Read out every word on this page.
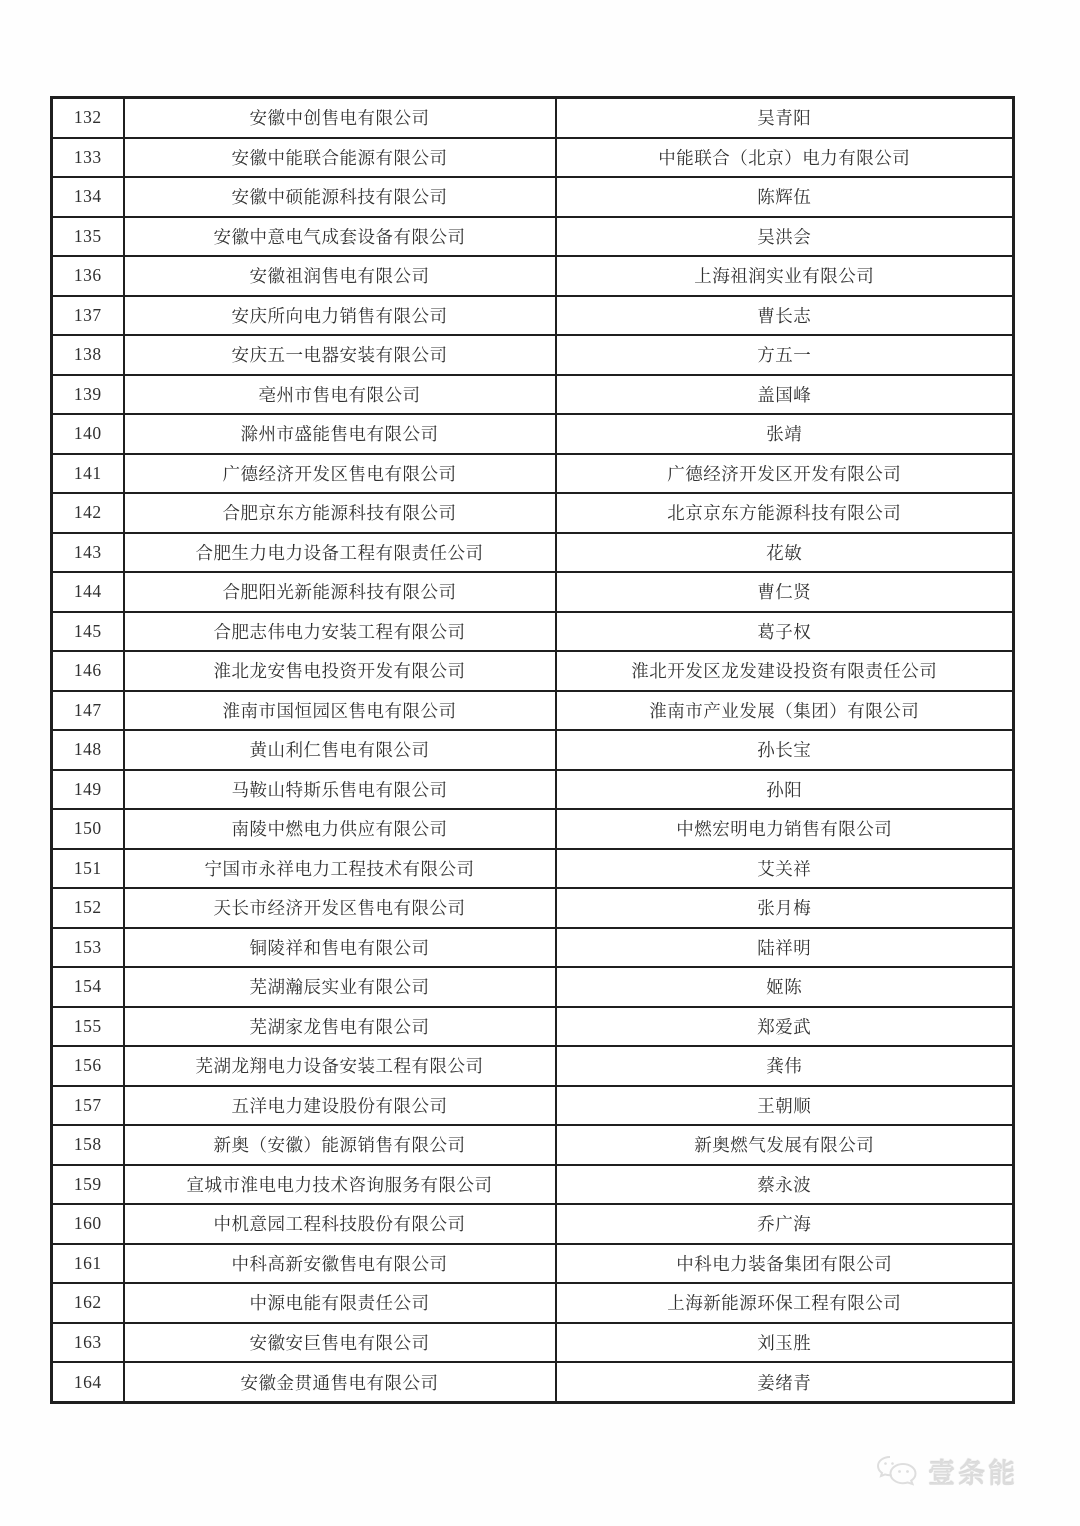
132	安徽中创售电有限公司	吴青阳
133	安徽中能联合能源有限公司	中能联合（北京）电力有限公司
134	安徽中硕能源科技有限公司	陈辉伍
135	安徽中意电气成套设备有限公司	吴洪会
136	安徽祖润售电有限公司	上海祖润实业有限公司
137	安庆所向电力销售有限公司	曹长志
138	安庆五一电器安装有限公司	方五一
139	亳州市售电有限公司	盖国峰
140	滁州市盛能售电有限公司	张靖
141	广德经济开发区售电有限公司	广德经济开发区开发有限公司
142	合肥京东方能源科技有限公司	北京京东方能源科技有限公司
143	合肥生力电力设备工程有限责任公司	花敏
144	合肥阳光新能源科技有限公司	曹仁贤
145	合肥志伟电力安装工程有限公司	葛子权
146	淮北龙安售电投资开发有限公司	淮北开发区龙发建设投资有限责任公司
147	淮南市国恒园区售电有限公司	淮南市产业发展（集团）有限公司
148	黄山利仁售电有限公司	孙长宝
149	马鞍山特斯乐售电有限公司	孙阳
150	南陵中燃电力供应有限公司	中燃宏明电力销售有限公司
151	宁国市永祥电力工程技术有限公司	艾关祥
152	天长市经济开发区售电有限公司	张月梅
153	铜陵祥和售电有限公司	陆祥明
154	芜湖瀚辰实业有限公司	姬陈
155	芜湖家龙售电有限公司	郑爱武
156	芜湖龙翔电力设备安装工程有限公司	龚伟
157	五洋电力建设股份有限公司	王朝顺
158	新奥（安徽）能源销售有限公司	新奥燃气发展有限公司
159	宣城市淮电电力技术咨询服务有限公司	蔡永波
160	中机意园工程科技股份有限公司	乔广海
161	中科高新安徽售电有限公司	中科电力装备集团有限公司
162	中源电能有限责任公司	上海新能源环保工程有限公司
163	安徽安巨售电有限公司	刘玉胜
164	安徽金贯通售电有限公司	姜绪青
壹条能
